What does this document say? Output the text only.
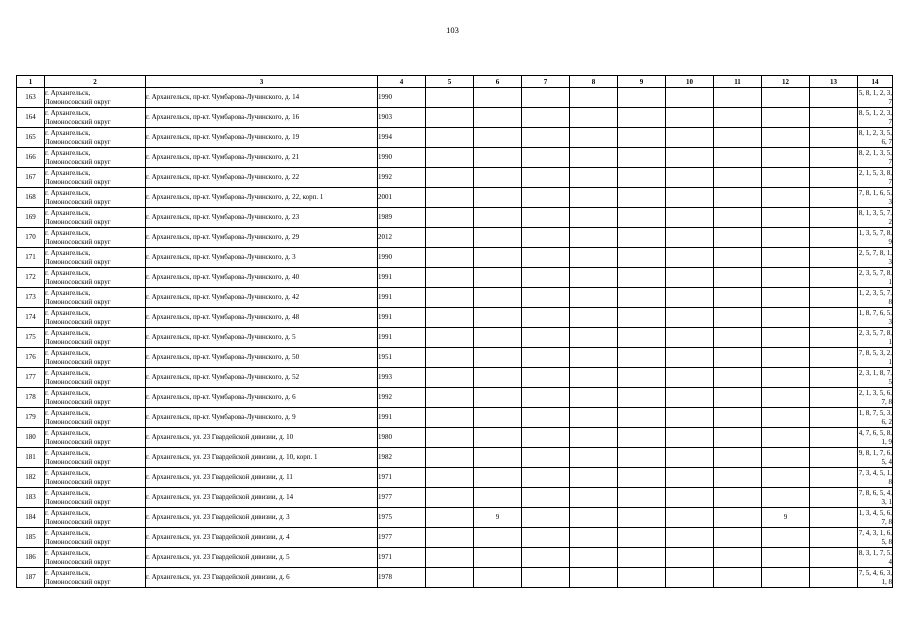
103
1	2	3	4	5	6	7	8	9	10	11	12	13	14
163	г. Архангельск,
Ломоносовский округ	г. Архангельск, пр-кт. Чумбарова-Лучинского, д. 14	1990										5, 8, 1, 2, 3, 7
164	г. Архангельск,
Ломоносовский округ	г. Архангельск, пр-кт. Чумбарова-Лучинского, д. 16	1903										8, 5, 1, 2, 3, 7
165	г. Архангельск,
Ломоносовский округ	г. Архангельск, пр-кт. Чумбарова-Лучинского, д. 19	1994										8, 1, 2, 3, 5, 6, 7
166	г. Архангельск,
Ломоносовский округ	г. Архангельск, пр-кт. Чумбарова-Лучинского, д. 21	1990										8, 2, 1, 3, 5, 7
167	г. Архангельск,
Ломоносовский округ	г. Архангельск, пр-кт. Чумбарова-Лучинского, д. 22	1992										2, 1, 5, 3, 8, 7
168	г. Архангельск,
Ломоносовский округ	г. Архангельск, пр-кт. Чумбарова-Лучинского, д. 22, корп. 1	2001										7, 8, 1, 6, 5, 3
169	г. Архангельск,
Ломоносовский округ	г. Архангельск, пр-кт. Чумбарова-Лучинского, д. 23	1989										8, 1, 3, 5, 7, 2
170	г. Архангельск,
Ломоносовский округ	г. Архангельск, пр-кт. Чумбарова-Лучинского, д. 29	2012										1, 3, 5, 7, 8, 9
171	г. Архангельск,
Ломоносовский округ	г. Архангельск, пр-кт. Чумбарова-Лучинского, д. 3	1990										2, 5, 7, 8, 1, 3
172	г. Архангельск,
Ломоносовский округ	г. Архангельск, пр-кт. Чумбарова-Лучинского, д. 40	1991										2, 3, 5, 7, 8, 1
173	г. Архангельск,
Ломоносовский округ	г. Архангельск, пр-кт. Чумбарова-Лучинского, д. 42	1991										1, 2, 3, 5, 7, 8
174	г. Архангельск,
Ломоносовский округ	г. Архангельск, пр-кт. Чумбарова-Лучинского, д. 48	1991										1, 8, 7, 6, 5, 3
175	г. Архангельск,
Ломоносовский округ	г. Архангельск, пр-кт. Чумбарова-Лучинского, д. 5	1991										2, 3, 5, 7, 8, 1
176	г. Архангельск,
Ломоносовский округ	г. Архангельск, пр-кт. Чумбарова-Лучинского, д. 50	1951										7, 8, 5, 3, 2, 1
177	г. Архангельск,
Ломоносовский округ	г. Архангельск, пр-кт. Чумбарова-Лучинского, д. 52	1993										2, 3, 1, 8, 7, 5
178	г. Архангельск,
Ломоносовский округ	г. Архангельск, пр-кт. Чумбарова-Лучинского, д. 6	1992										2, 1, 3, 5, 6, 7, 8
179	г. Архангельск,
Ломоносовский округ	г. Архангельск, пр-кт. Чумбарова-Лучинского, д. 9	1991										1, 8, 7, 5, 3, 6, 2
180	г. Архангельск,
Ломоносовский округ	г. Архангельск, ул. 23 Гвардейской дивизии, д. 10	1980										4, 7, 6, 5, 8, 1, 9
181	г. Архангельск,
Ломоносовский округ	г. Архангельск, ул. 23 Гвардейской дивизии, д. 10, корп. 1	1982										9, 8, 1, 7, 6, 5, 4
182	г. Архангельск,
Ломоносовский округ	г. Архангельск, ул. 23 Гвардейской дивизии, д. 11	1971										7, 3, 4, 5, 1, 8
183	г. Архангельск,
Ломоносовский округ	г. Архангельск, ул. 23 Гвардейской дивизии, д. 14	1977										7, 8, 6, 5, 4, 3, 1
184	г. Архангельск,
Ломоносовский округ	г. Архангельск, ул. 23 Гвардейской дивизии, д. 3	1975		9						9		1, 3, 4, 5, 6, 7, 8
185	г. Архангельск,
Ломоносовский округ	г. Архангельск, ул. 23 Гвардейской дивизии, д. 4	1977										7, 4, 3, 1, 6, 5, 8
186	г. Архангельск,
Ломоносовский округ	г. Архангельск, ул. 23 Гвардейской дивизии, д. 5	1971										8, 3, 1, 7, 5, 4
187	г. Архангельск,
Ломоносовский округ	г. Архангельск, ул. 23 Гвардейской дивизии, д. 6	1978										7, 5, 4, 6, 3, 1, 8
